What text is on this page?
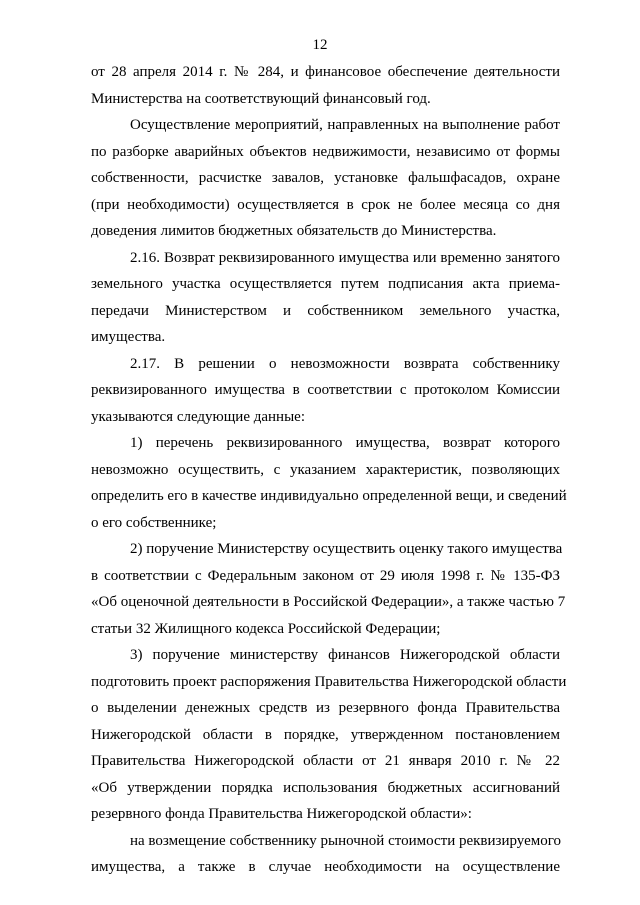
12
от 28 апреля 2014 г. № 284, и финансовое обеспечение деятельности
Министерства на соответствующий финансовый год.
Осуществление мероприятий, направленных на выполнение работ
по разборке аварийных объектов недвижимости, независимо от формы
собственности, расчистке завалов, установке фальшфасадов, охране
(при необходимости) осуществляется в срок не более месяца со дня
доведения лимитов бюджетных обязательств до Министерства.
2.16. Возврат реквизированного имущества или временно занятого
земельного участка осуществляется путем подписания акта приема-
передачи Министерством и собственником земельного участка,
имущества.
2.17. В решении о невозможности возврата собственнику
реквизированного имущества в соответствии с протоколом Комиссии
указываются следующие данные:
1) перечень реквизированного имущества, возврат которого
невозможно осуществить, с указанием характеристик, позволяющих
определить его в качестве индивидуально определенной вещи, и сведений
о его собственнике;
2) поручение Министерству осуществить оценку такого имущества
в соответствии с Федеральным законом от 29 июля 1998 г. № 135-ФЗ
«Об оценочной деятельности в Российской Федерации», а также частью 7
статьи 32 Жилищного кодекса Российской Федерации;
3) поручение министерству финансов Нижегородской области
подготовить проект распоряжения Правительства Нижегородской области
о выделении денежных средств из резервного фонда Правительства
Нижегородской области в порядке, утвержденном постановлением
Правительства Нижегородской области от 21 января 2010 г. № 22
«Об утверждении порядка использования бюджетных ассигнований
резервного фонда Правительства Нижегородской области»:
на возмещение собственнику рыночной стоимости реквизируемого
имущества, а также в случае необходимости на осуществление
